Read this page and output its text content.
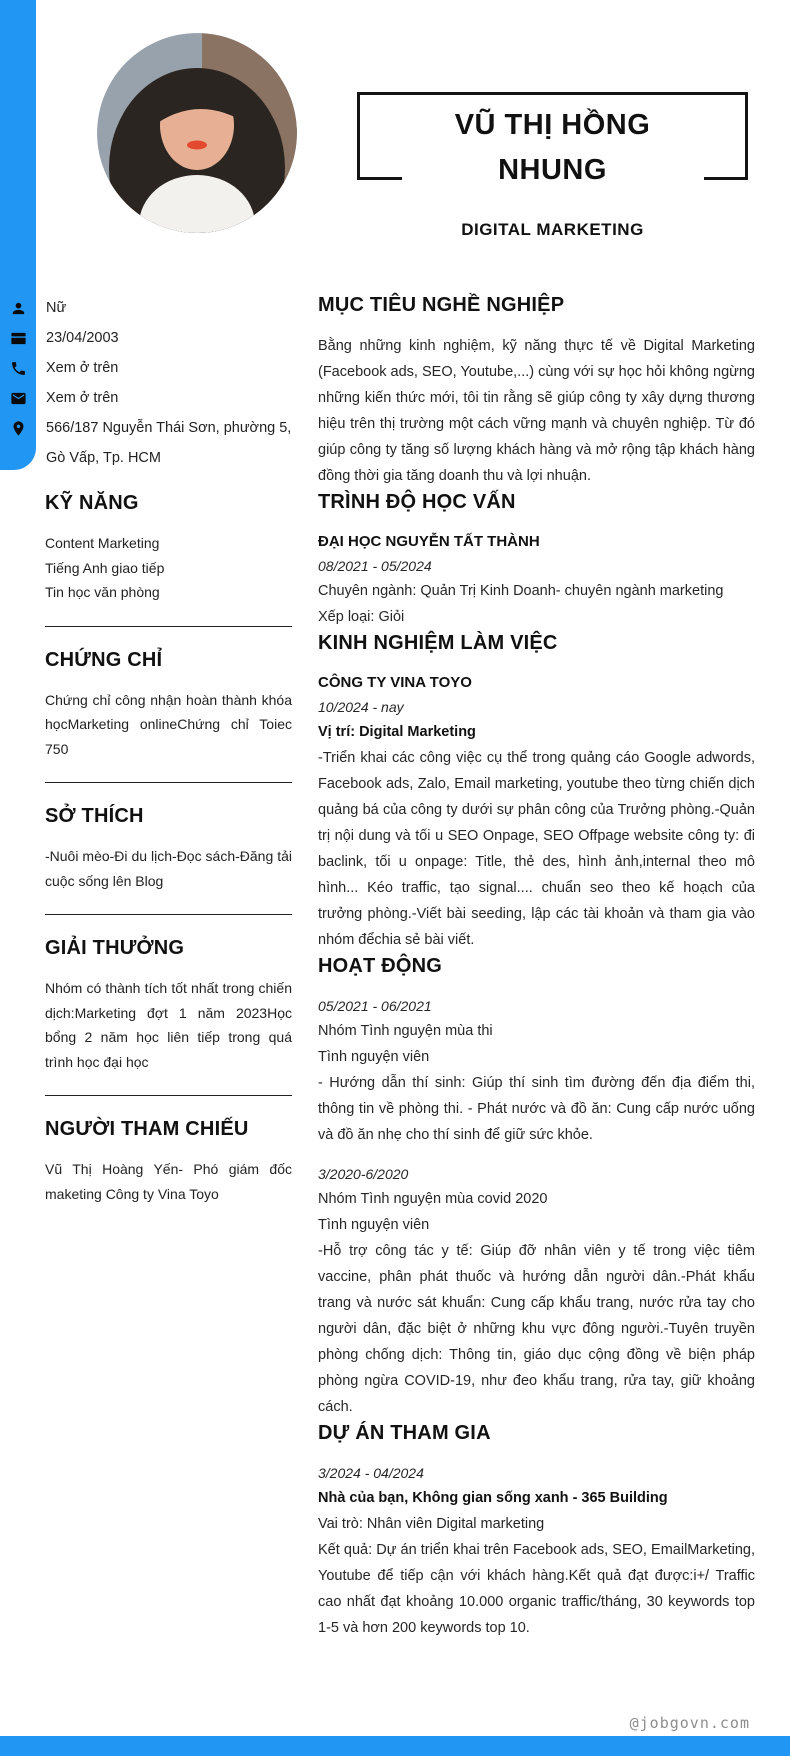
VŨ THỊ HỒNG NHUNG
DIGITAL MARKETING
Nữ
23/04/2003
Xem ở trên
Xem ở trên
566/187 Nguyễn Thái Sơn, phường 5, Gò Vấp, Tp. HCM
KỸ NĂNG
Content Marketing
Tiếng Anh giao tiếp
Tin học văn phòng
CHỨNG CHỈ

Chứng chỉ công nhận hoàn thành khóa họcMarketing onlineChứng chỉ Toiec 750

SỞ THÍCH

-Nuôi mèo-Đi du lịch-Đọc sách-Đăng tải cuộc sống lên Blog

GIẢI THƯỞNG

Nhóm có thành tích tốt nhất trong chiến dịch:Marketing đợt 1 năm 2023Học bổng 2 năm học liên tiếp trong quá trình học đại học

NGƯỜI THAM CHIẾU

Vũ Thị Hoàng Yến- Phó giám đốc maketing Công ty Vina Toyo

MỤC TIÊU NGHỀ NGHIỆP

Bằng những kinh nghiệm, kỹ năng thực tế về Digital Marketing (Facebook ads, SEO, Youtube,...) cùng với sự học hỏi không ngừng những kiến thức mới, tôi tin rằng sẽ giúp công ty xây dựng thương hiệu trên thị trường một cách vững mạnh và chuyên nghiệp. Từ đó giúp công ty tăng số lượng khách hàng và mở rộng tập khách hàng đồng thời gia tăng doanh thu và lợi nhuận.

TRÌNH ĐỘ HỌC VẤN
ĐẠI HỌC NGUYỄN TẤT THÀNH
08/2021 - 05/2024
Chuyên ngành: Quản Trị Kinh Doanh- chuyên ngành marketing
Xếp loại: Giỏi
KINH NGHIỆM LÀM VIỆC
CÔNG TY VINA TOYO
10/2024 - nay
Vị trí: Digital Marketing

-Triển khai các công việc cụ thể trong quảng cáo Google adwords, Facebook ads, Zalo, Email marketing, youtube theo từng chiến dịch quảng bá của công ty dưới sự phân công của Trưởng phòng.-Quản trị nội dung và tối u SEO Onpage, SEO Offpage website công ty: đi baclink, tối u onpage: Title, thẻ des, hình ảnh,internal theo mô hình... Kéo traffic, tạo signal.... chuẩn seo theo kế hoạch của trưởng phòng.-Viết bài seeding, lập các tài khoản và tham gia vào nhóm đểchia sẻ bài viết.

HOẠT ĐỘNG
05/2021 - 06/2021
Nhóm Tình nguyện mùa thi
Tình nguyện viên

- Hướng dẫn thí sinh: Giúp thí sinh tìm đường đến địa điểm thi, thông tin về phòng thi. - Phát nước và đồ ăn: Cung cấp nước uống và đồ ăn nhẹ cho thí sinh để giữ sức khỏe.

3/2020-6/2020
Nhóm Tình nguyện mùa covid 2020
Tình nguyện viên

-Hỗ trợ công tác y tế: Giúp đỡ nhân viên y tế trong việc tiêm vaccine, phân phát thuốc và hướng dẫn người dân.-Phát khẩu trang và nước sát khuẩn: Cung cấp khẩu trang, nước rửa tay cho người dân, đặc biệt ở những khu vực đông người.-Tuyên truyền phòng chống dịch: Thông tin, giáo dục cộng đồng về biện pháp phòng ngừa COVID-19, như đeo khẩu trang, rửa tay, giữ khoảng cách.

DỰ ÁN THAM GIA
3/2024 - 04/2024
Nhà của bạn, Không gian sống xanh - 365 Building
Vai trò: Nhân viên Digital marketing

Kết quả: Dự án triển khai trên Facebook ads, SEO, EmailMarketing, Youtube để tiếp cận với khách hàng.Kết quả đạt được:i+/ Traffic cao nhất đạt khoảng 10.000 organic traffic/tháng, 30 keywords top 1-5 và hơn 200 keywords top 10.

@jobgovn.com
